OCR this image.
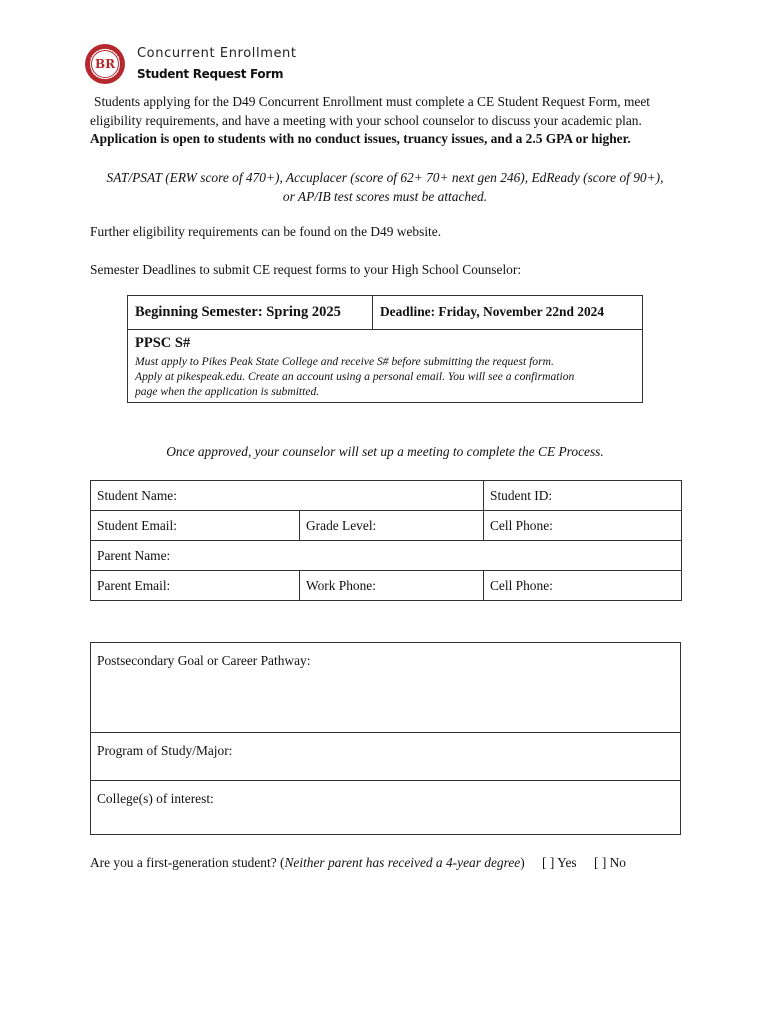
BR
Concurrent Enrollment
Student Request Form

Students applying for the D49 Concurrent Enrollment must complete a CE Student Request Form, meet

eligibility requirements, and have a meeting with your school counselor to discuss your academic plan.

Application is open to students with no conduct issues, truancy issues, and a 2.5 GPA or higher.

SAT/PSAT (ERW score of 470+), Accuplacer (score of 62+ 70+ next gen 246), EdReady (score of 90+),

or AP/IB test scores must be attached.

Further eligibility requirements can be found on the D49 website.
Semester Deadlines to submit CE request forms to your High School Counselor:
Beginning Semester: Spring 2025	Deadline: Friday, November 22nd 2024
PPSC S#
Must apply to Pikes Peak State College and receive S# before submitting the request form.
Apply at pikespeak.edu. Create an account using a personal email. You will see a confirmation
page when the application is submitted.
Once approved, your counselor will set up a meeting to complete the CE Process.
Student Name:		Student ID:
Student Email:	Grade Level:	Cell Phone:
Parent Name:		
Parent Email:	Work Phone:	Cell Phone:
Postsecondary Goal or Career Pathway:
Program of Study/Major:
College(s) of interest:
Are you a first-generation student? (Neither parent has received a 4-year degree) [ ] Yes [ ] No
